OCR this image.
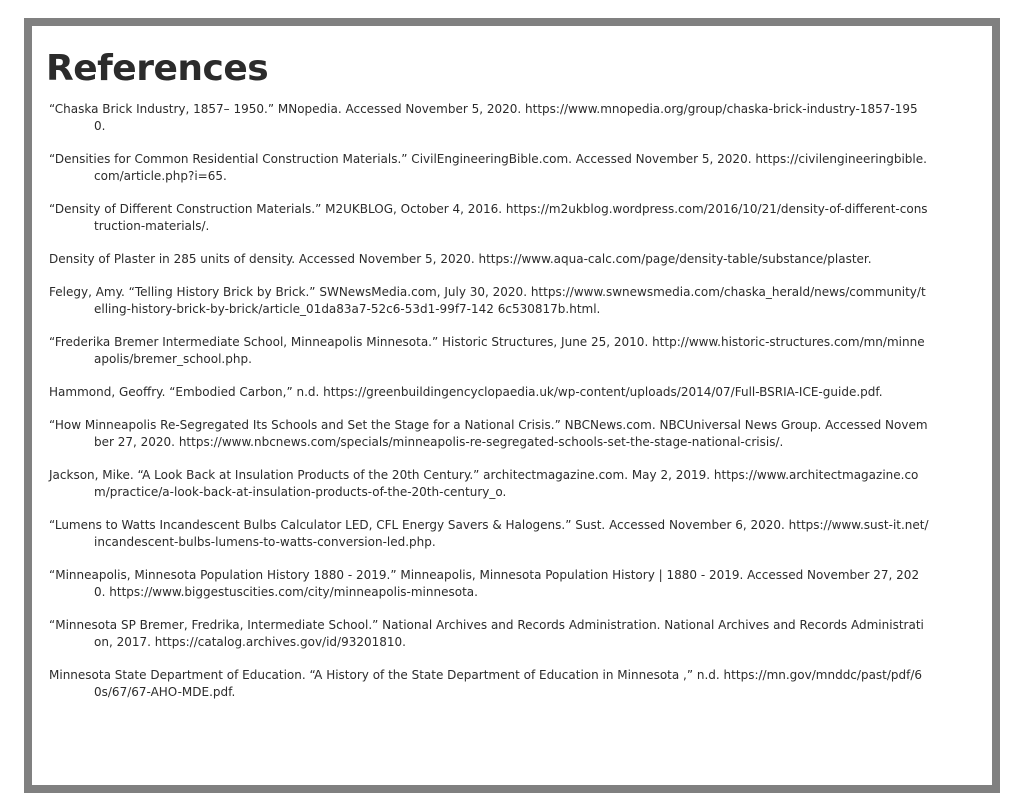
References
“Chaska Brick Industry, 1857– 1950.” MNopedia. Accessed November 5, 2020. https://www.mnopedia.org/group/chaska-brick-industry-1857-1950.
“Densities for Common Residential Construction Materials.” CivilEngineeringBible.com. Accessed November 5, 2020. https://civilengineeringbible.com/article.php?i=65.
“Density of Different Construction Materials.” M2UKBLOG, October 4, 2016. https://m2ukblog.wordpress.com/2016/10/21/density-of-different-construction-materials/.
Density of Plaster in 285 units of density. Accessed November 5, 2020. https://www.aqua-calc.com/page/density-table/substance/plaster.
Felegy, Amy. “Telling History Brick by Brick.” SWNewsMedia.com, July 30, 2020. https://www.swnewsmedia.com/chaska_herald/news/community/telling-history-brick-by-brick/article_01da83a7-52c6-53d1-99f7-142 6c530817b.html.
“Frederika Bremer Intermediate School, Minneapolis Minnesota.” Historic Structures, June 25, 2010. http://www.historic-structures.com/mn/minneapolis/bremer_school.php.
Hammond, Geoffry. “Embodied Carbon,” n.d. https://greenbuildingencyclopaedia.uk/wp-content/uploads/2014/07/Full-BSRIA-ICE-guide.pdf.
“How Minneapolis Re-Segregated Its Schools and Set the Stage for a National Crisis.” NBCNews.com. NBCUniversal News Group. Accessed November 27, 2020. https://www.nbcnews.com/specials/minneapolis-re-segregated-schools-set-the-stage-national-crisis/.
Jackson, Mike. “A Look Back at Insulation Products of the 20th Century.” architectmagazine.com. May 2, 2019. https://www.architectmagazine.com/practice/a-look-back-at-insulation-products-of-the-20th-century_o.
“Lumens to Watts Incandescent Bulbs Calculator LED, CFL Energy Savers & Halogens.” Sust. Accessed November 6, 2020. https://www.sust-it.net/incandescent-bulbs-lumens-to-watts-conversion-led.php.
“Minneapolis, Minnesota Population History 1880 - 2019.” Minneapolis, Minnesota Population History | 1880 - 2019. Accessed November 27, 2020. https://www.biggestuscities.com/city/minneapolis-minnesota.
“Minnesota SP Bremer, Fredrika, Intermediate School.” National Archives and Records Administration. National Archives and Records Administration, 2017. https://catalog.archives.gov/id/93201810.
Minnesota State Department of Education. “A History of the State Department of Education in Minnesota ,” n.d. https://mn.gov/mnddc/past/pdf/60s/67/67-AHO-MDE.pdf.
